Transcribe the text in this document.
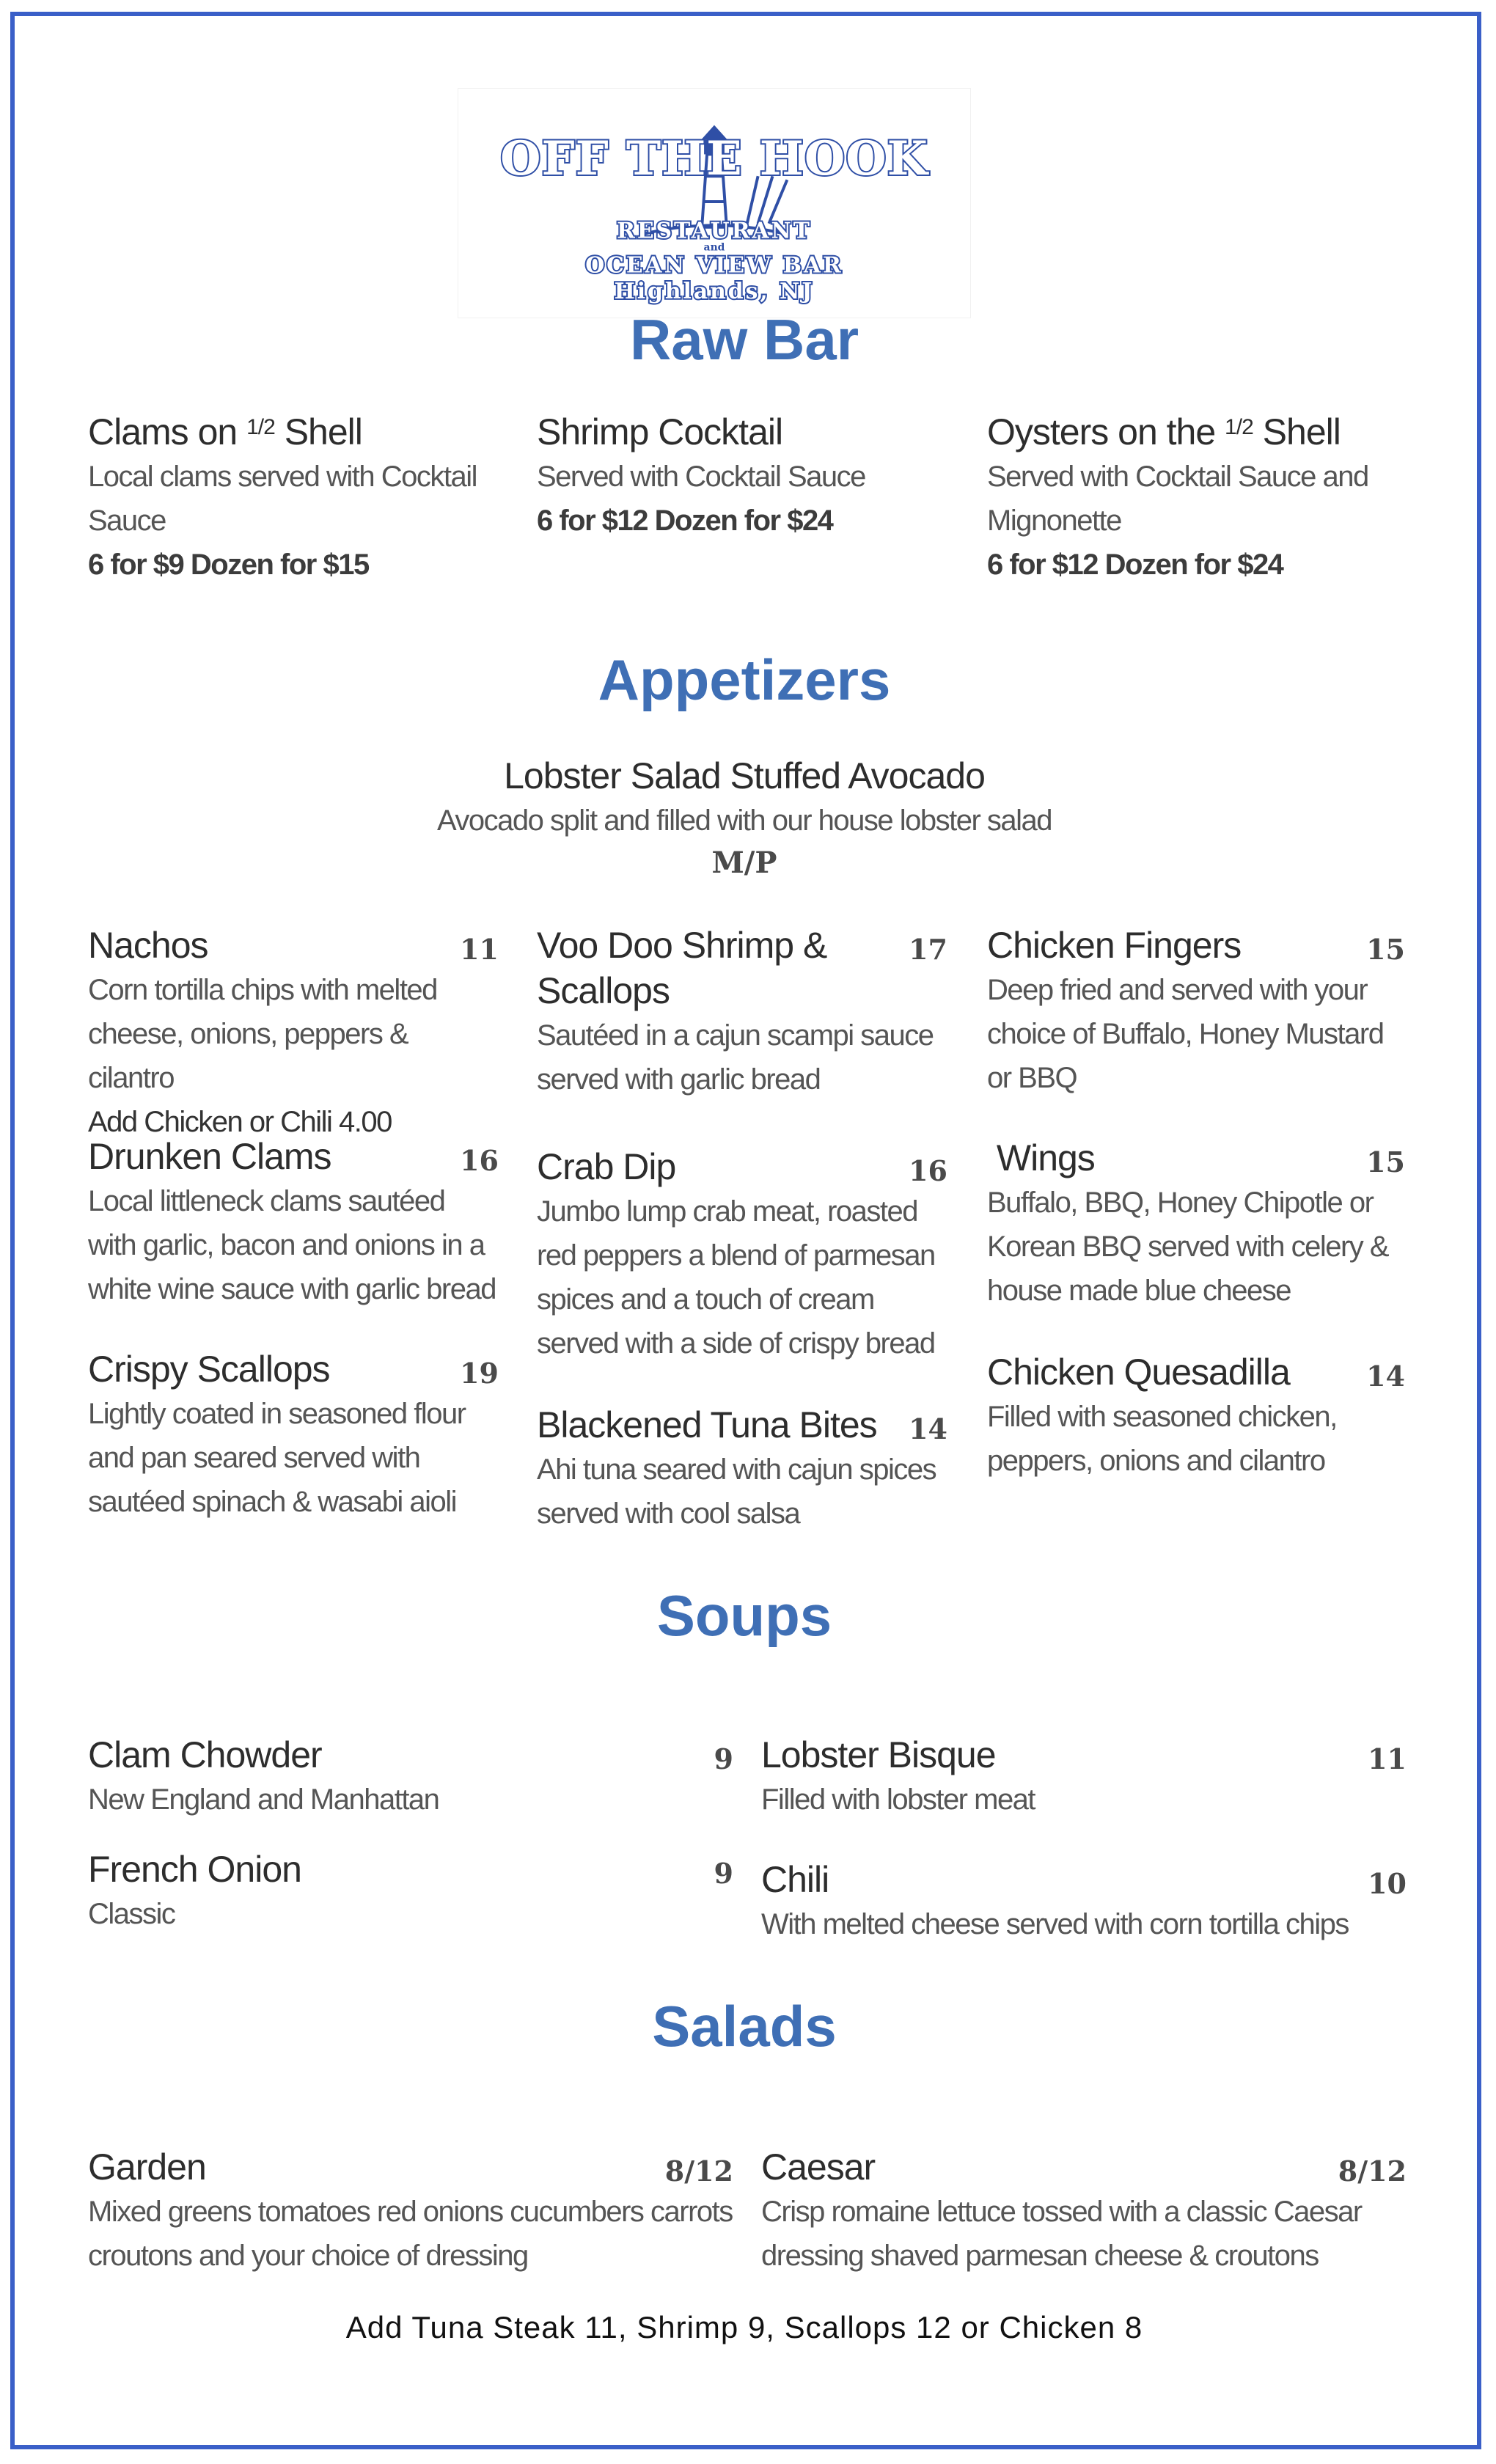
OFF THE HOOK
RESTAURANT
and
OCEAN VIEW BAR
Highlands, NJ
Raw Bar

Clams on $^{1/2}$ Shell

Local clams served with Cocktail Sauce

6 for $9 Dozen for $15

Shrimp Cocktail

Served with Cocktail Sauce

6 for $12 Dozen for $24

Oysters on the $^{1/2}$ Shell

Served with Cocktail Sauce and Mignonette

6 for $12 Dozen for $24

Appetizers

Lobster Salad Stuffed Avocado

Avocado split and filled with our house lobster salad

M/P

Nachos	11

Corn tortilla chips with melted cheese, onions, peppers & cilantro

Add Chicken or Chili 4.00

Drunken Clams	16

Local littleneck clams sautéed with garlic, bacon and onions in a white wine sauce with garlic bread

Crispy Scallops	19

Lightly coated in seasoned flour and pan seared served with sautéed spinach & wasabi aioli

Voo Doo Shrimp & Scallops

17

Sautéed in a cajun scampi sauce served with garlic bread

Crab Dip	16

Jumbo lump crab meat, roasted red peppers a blend of parmesan spices and a touch of cream served with a side of crispy bread

Blackened Tuna Bites	14

Ahi tuna seared with cajun spices served with cool salsa

Chicken Fingers	15

Deep fried and served with your choice of Buffalo, Honey Mustard or BBQ

Wings	15

Buffalo, BBQ, Honey Chipotle or Korean BBQ served with celery & house made blue cheese

Chicken Quesadilla	14

Filled with seasoned chicken, peppers, onions and cilantro

Soups

Clam Chowder	9

New England and Manhattan

French Onion	9

Classic

Lobster Bisque	11

Filled with lobster meat

Chili	10

With melted cheese served with corn tortilla chips

Salads

Garden	8/12

Mixed greens tomatoes red onions cucumbers carrots croutons and your choice of dressing

Caesar	8/12

Crisp romaine lettuce tossed with a classic Caesar dressing shaved parmesan cheese & croutons

Add Tuna Steak 11, Shrimp 9, Scallops 12 or Chicken 8
